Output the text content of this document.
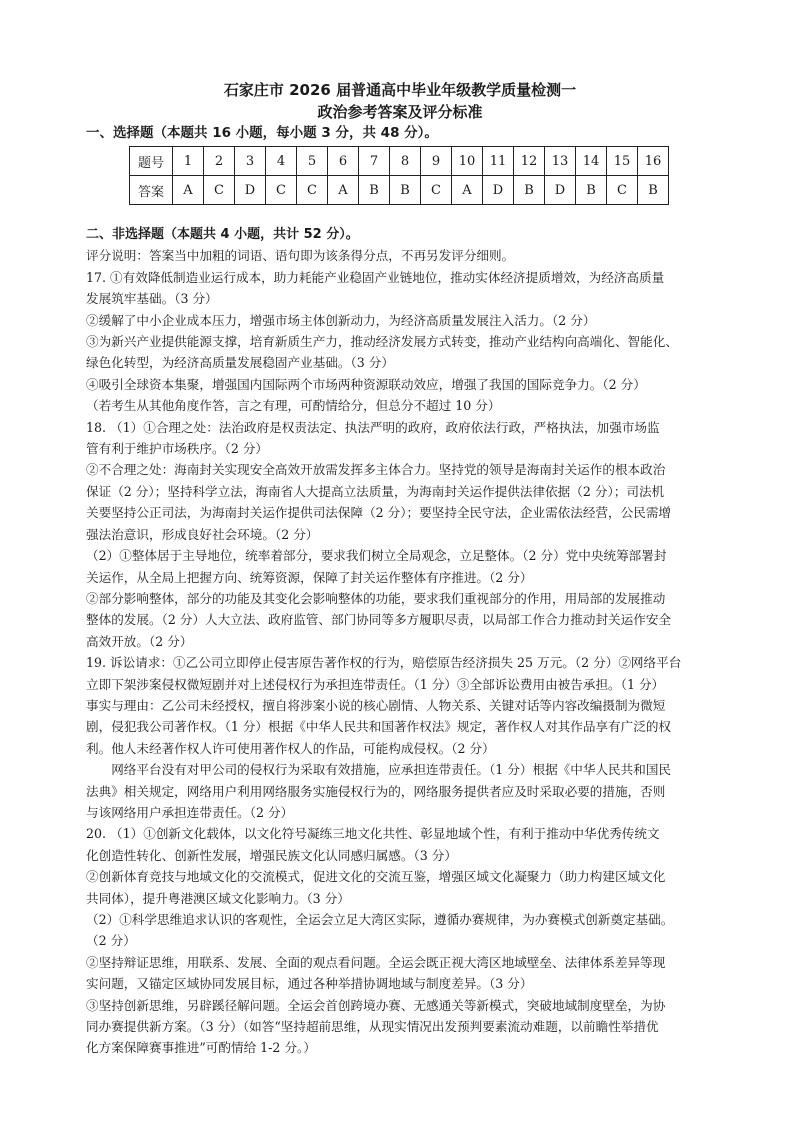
石家庄市 2026 届普通高中毕业年级教学质量检测一
政治参考答案及评分标准
一、选择题（本题共 16 小题，每小题 3 分，共 48 分）。
题号	1	2	3	4	5	6	7	8	9	10	11	12	13	14	15	16
答案	A	C	D	C	C	A	B	B	C	A	D	B	D	B	C	B

二、非选择题（本题共 4 小题，共计 52 分）。

评分说明：答案当中加粗的词语、语句即为该条得分点，不再另发评分细则。

17. ①有效降低制造业运行成本，助力耗能产业稳固产业链地位，推动实体经济提质增效，为经济高质量

发展筑牢基础。（3 分）

②缓解了中小企业成本压力，增强市场主体创新动力，为经济高质量发展注入活力。（2 分）

③为新兴产业提供能源支撑，培育新质生产力，推动经济发展方式转变，推动产业结构向高端化、智能化、

绿色化转型，为经济高质量发展稳固产业基础。（3 分）

④吸引全球资本集聚，增强国内国际两个市场两种资源联动效应，增强了我国的国际竞争力。（2 分）

（若考生从其他角度作答，言之有理，可酌情给分，但总分不超过 10 分）

18. （1）①合理之处：法治政府是权责法定、执法严明的政府，政府依法行政，严格执法，加强市场监

管有利于维护市场秩序。（2 分）

②不合理之处：海南封关实现安全高效开放需发挥多主体合力。坚持党的领导是海南封关运作的根本政治

保证（2 分）；坚持科学立法，海南省人大提高立法质量，为海南封关运作提供法律依据（2 分）；司法机

关要坚持公正司法，为海南封关运作提供司法保障（2 分）；要坚持全民守法，企业需依法经营，公民需增

强法治意识，形成良好社会环境。（2 分）

（2）①整体居于主导地位，统率着部分，要求我们树立全局观念，立足整体。（2 分）党中央统筹部署封

关运作，从全局上把握方向、统筹资源，保障了封关运作整体有序推进。（2 分）

②部分影响整体，部分的功能及其变化会影响整体的功能，要求我们重视部分的作用，用局部的发展推动

整体的发展。（2 分）人大立法、政府监管、部门协同等多方履职尽责，以局部工作合力推动封关运作安全

高效开放。（2 分）

19. 诉讼请求：①乙公司立即停止侵害原告著作权的行为，赔偿原告经济损失 25 万元。（2 分）②网络平台

立即下架涉案侵权微短剧并对上述侵权行为承担连带责任。（1 分）③全部诉讼费用由被告承担。（1 分）

事实与理由：乙公司未经授权，擅自将涉案小说的核心剧情、人物关系、关键对话等内容改编摄制为微短

剧，侵犯我公司著作权。（1 分）根据《中华人民共和国著作权法》规定，著作权人对其作品享有广泛的权

利。他人未经著作权人许可使用著作权人的作品，可能构成侵权。（2 分）

网络平台没有对甲公司的侵权行为采取有效措施，应承担连带责任。（1 分）根据《中华人民共和国民

法典》相关规定，网络用户利用网络服务实施侵权行为的，网络服务提供者应及时采取必要的措施，否则

与该网络用户承担连带责任。（2 分）

20. （1）①创新文化载体，以文化符号凝练三地文化共性、彰显地域个性，有利于推动中华优秀传统文

化创造性转化、创新性发展，增强民族文化认同感归属感。（3 分）

②创新体育竞技与地域文化的交流模式，促进文化的交流互鉴，增强区域文化凝聚力（助力构建区域文化

共同体），提升粤港澳区域文化影响力。（3 分）

（2）①科学思维追求认识的客观性，全运会立足大湾区实际，遵循办赛规律，为办赛模式创新奠定基础。

（2 分）

②坚持辩证思维，用联系、发展、全面的观点看问题。全运会既正视大湾区地域壁垒、法律体系差异等现

实问题，又锚定区域协同发展目标，通过各种举措协调地域与制度差异。（3 分）

③坚持创新思维，另辟蹊径解问题。全运会首创跨境办赛、无感通关等新模式，突破地域制度壁垒，为协

同办赛提供新方案。（3 分）（如答“坚持超前思维，从现实情况出发预判要素流动难题，以前瞻性举措优

化方案保障赛事推进”可酌情给 1-2 分。）
